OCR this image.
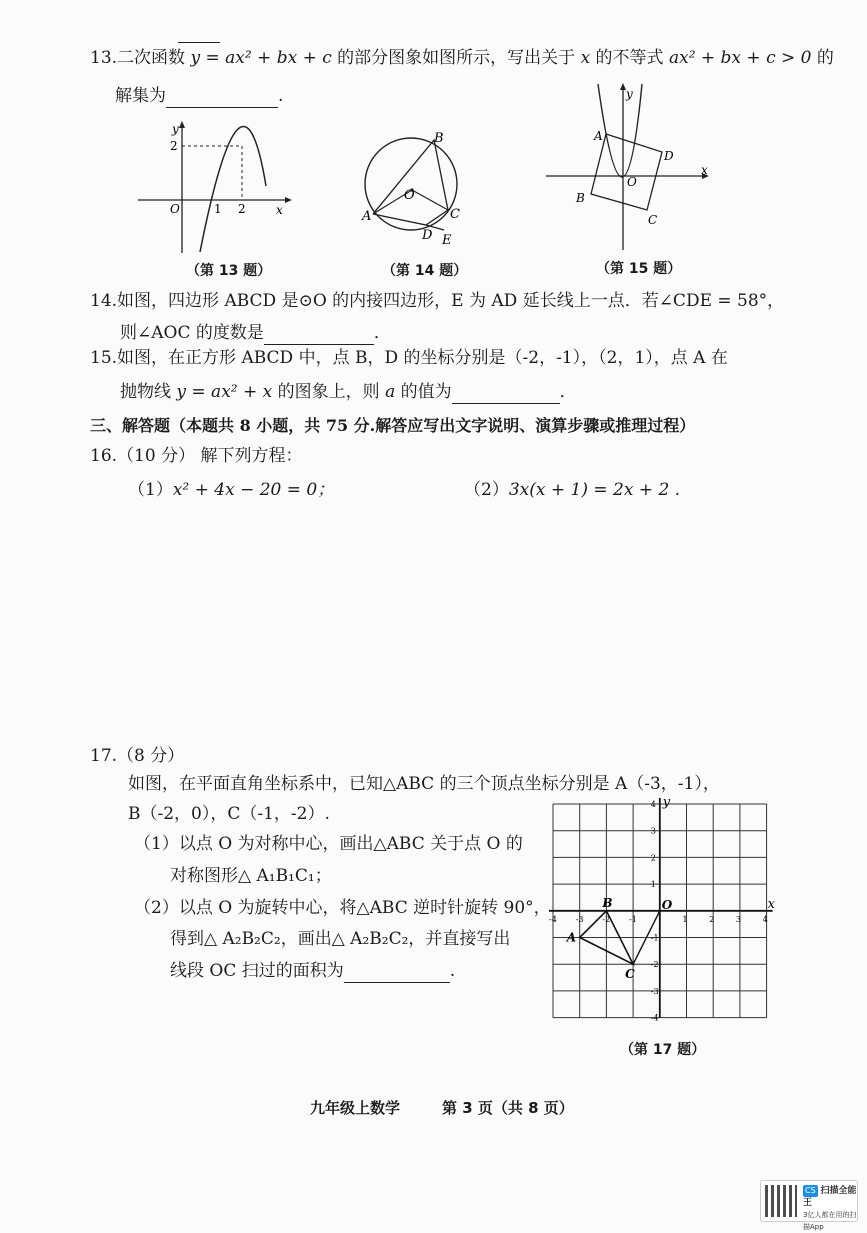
13.二次函数 y = ax² + bx + c 的部分图象如图所示，写出关于 x 的不等式 ax² + bx + c > 0 的
解集为	.
y
x
O	1 2
2
（第 13 题）
A
B
C
D E
O
（第 14 题）
y
x
O
A
D
B
C
（第 15 题）
14.如图，四边形 ABCD 是⊙O 的内接四边形，E 为 AD 延长线上一点．若∠CDE = 58°，
则∠AOC 的度数是	．
15.如图，在正方形 ABCD 中，点 B，D 的坐标分别是（-2，-1），（2，1），点 A 在
抛物线 y = ax² + x 的图象上，则 a 的值为	．
三、解答题（本题共 8 小题，共 75 分.解答应写出文字说明、演算步骤或推理过程）
16.（10 分） 解下列方程：
（1）x² + 4x − 20 = 0；	（2）3x(x + 1) = 2x + 2 .
17.（8 分）
如图，在平面直角坐标系中，已知△ABC 的三个顶点坐标分别是 A（-3，-1），
B（-2，0），C（-1，-2）.
（1）以点 O 为对称中心，画出△ABC 关于点 O 的
对称图形△ A₁B₁C₁；
（2）以点 O 为旋转中心，将△ABC 逆时针旋转 90°，
得到△ A₂B₂C₂，画出△ A₂B₂C₂，并直接写出
线段 OC 扫过的面积为	.
y
x
O
-4 -3 -2 -1	1	2	3	4
4
3
2
1
-1
-2
-3
-4
A
B
C
（第 17 题）
九年级上数学	第 3 页（共 8 页）
CS 扫描全能王
3亿人都在用的扫描App
